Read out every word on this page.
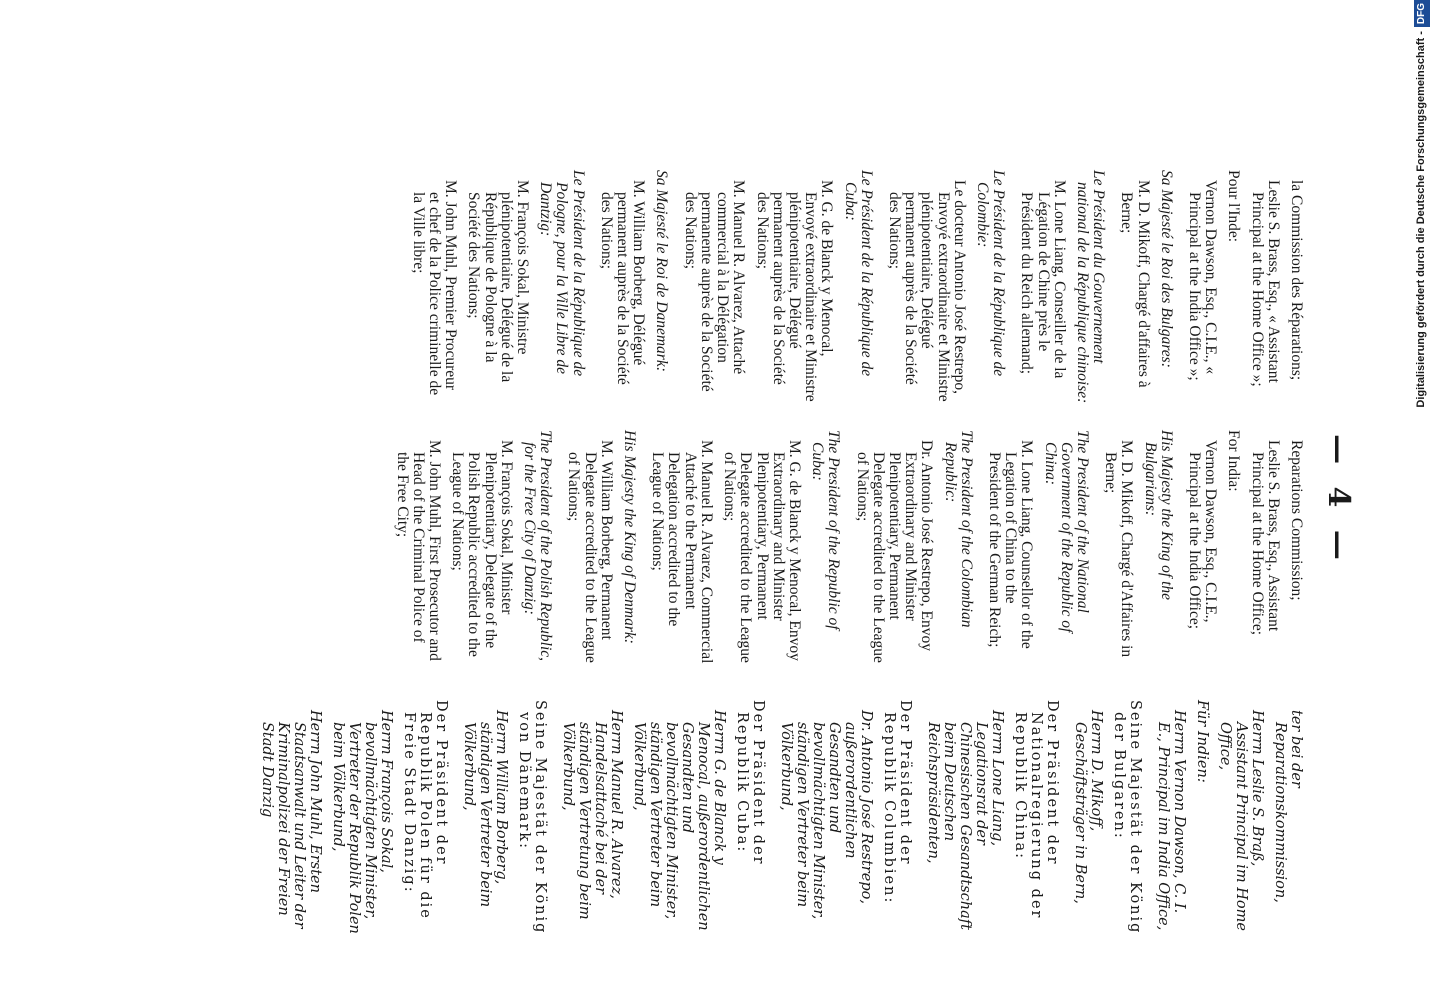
— 4 —

la Commission des Réparations;

Leslie S. Brass, Esq., « Assistant Principal at the Home Office »;

Pour l'Inde:

Vernon Dawson, Esq., C.I.E., « Principal at the India Office »;

Sa Majesté le Roi des Bulgares:

M. D. Mikoff, Chargé d'affaires à Berne;

Le Président du Gouvernement national de la République chinoise:

M. Lone Liang, Conseiller de la Légation de Chine près le Président du Reich allemand;

Le Président de la République de Colombie:

Le docteur Antonio José Restrepo, Envoyé extraordinaire et Ministre plénipotentiaire, Délégué permanent auprès de la Société des Nations;

Le Président de la République de Cuba:

M. G. de Blanck y Menocal, Envoyé extraordinaire et Ministre plénipotentiaire, Délégué permanent auprès de la Société des Nations;

M. Manuel R. Alvarez, Attaché commercial à la Délégation permanente auprès de la Société des Nations;

Sa Majesté le Roi de Danemark:

M. William Borberg, Délégué permanent auprès de la Société des Nations;

Le Président de la République de Pologne, pour la Ville Libre de Dantzig:

M. François Sokal, Ministre plénipotentiaire, Délégué de la République de Pologne à la Société des Nations;

M. John Muhl, Premier Procureur et chef de la Police criminelle de la Ville libre;

Reparations Commission;

Leslie S. Brass, Esq., Assistant Principal at the Home Office;

For India:

Vernon Dawson, Esq., C.I.E., Principal at the India Office;

His Majesty the King of the Bulgarians:

M. D. Mikoff, Chargé d'Affaires in Berne;

The President of the National Government of the Republic of China:

M. Lone Liang, Counsellor of the Legation of China to the President of the German Reich;

The President of the Colombian Republic:

Dr. Antonio José Restrepo, Envoy Extraordinary and Minister Plenipotentiary, Permanent Delegate accredited to the League of Nations;

The President of the Republic of Cuba:

M. G. de Blanck y Menocal, Envoy Extraordinary and Minister Plenipotentiary, Permanent Delegate accredited to the League of Nations;

M. Manuel R. Alvarez, Commercial Attaché to the Permanent Delegation accredited to the League of Nations;

His Majesty the King of Denmark:

M. William Borberg, Permanent Delegate accredited to the League of Nations;

The President of the Polish Republic, for the Free City of Danzig:

M. François Sokal, Minister Plenipotentiary, Delegate of the Polish Republic accredited to the League of Nations;

M. John Muhl, First Prosecutor and Head of the Criminal Police of the Free City;

ter bei der Reparationskommission,

Herrn Leslie S. Braß, Assistant Principal im Home Office,

Für Indien:

Herrn Vernon Dawson, C. I. E., Principal im India Office,

Seine Majestät der König der Bulgaren:

Herrn D. Mikoff, Geschäftsträger in Bern,

Der Präsident der Nationalregierung der Republik China:

Herrn Lone Liang, Legationsrat der Chinesischen Gesandtschaft beim Deutschen Reichspräsidenten,

Der Präsident der Republik Columbien:

Dr. Antonio José Restrepo, außerordentlichen Gesandten und bevollmächtigten Minister, ständigen Vertreter beim Völkerbund,

Der Präsident der Republik Cuba:

Herrn G. de Blanck y Menocal, außerordentlichen Gesandten und bevollmächtigten Minister, ständigen Vertreter beim Völkerbund,

Herrn Manuel R. Alvarez, Handelsattaché bei der ständigen Vertretung beim Völkerbund,

Seine Majestät der König von Dänemark:

Herrn William Borberg, ständigen Vertreter beim Völkerbund,

Der Präsident der Republik Polen für die Freie Stadt Danzig:

Herrn François Sokal, bevollmächtigten Minister, Vertreter der Republik Polen beim Völkerbund,

Herrn John Muhl, Ersten Staatsanwalt und Leiter der Kriminalpolizei der Freien Stadt Danzig

Digitalisierung gefördert durch die Deutsche Forschungsgemeinschaft -DFG
